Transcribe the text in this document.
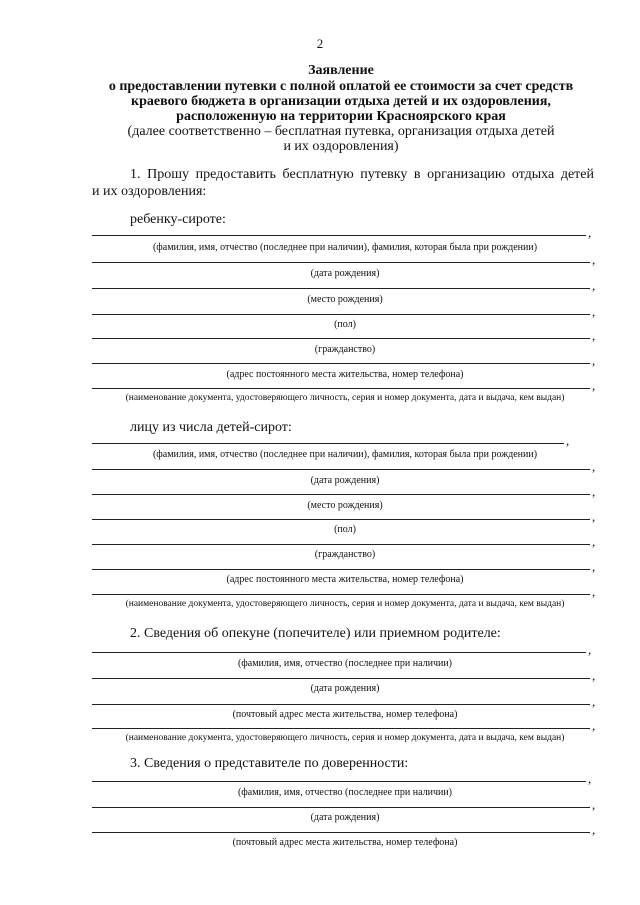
2
Заявление
о предоставлении путевки с полной оплатой ее стоимости за счет средств
краевого бюджета в организации отдыха детей и их оздоровления,
расположенную на территории Красноярского края
(далее соответственно – бесплатная путевка, организация отдыха детей
и их оздоровления)
1. Прошу предоставить бесплатную путевку в организацию отдыха детей
и их оздоровления:
ребенку-сироте:
,
(фамилия, имя, отчество (последнее при наличии), фамилия, которая была при рождении)
,
(дата рождения)
,
(место рождения)
,
(пол)
,
(гражданство)
,
(адрес постоянного места жительства, номер телефона)
,
(наименование документа, удостоверяющего личность, серия и номер документа, дата и выдача, кем выдан)
лицу из числа детей-сирот:
,
(фамилия, имя, отчество (последнее при наличии), фамилия, которая была при рождении)
,
(дата рождения)
,
(место рождения)
,
(пол)
,
(гражданство)
,
(адрес постоянного места жительства, номер телефона)
,
(наименование документа, удостоверяющего личность, серия и номер документа, дата и выдача, кем выдан)
2. Сведения об опекуне (попечителе) или приемном родителе:
,
(фамилия, имя, отчество (последнее при наличии)
,
(дата рождения)
,
(почтовый адрес места жительства, номер телефона)
,
(наименование документа, удостоверяющего личность, серия и номер документа, дата и выдача, кем выдан)
3. Сведения о представителе по доверенности:
,
(фамилия, имя, отчество (последнее при наличии)
,
(дата рождения)
,
(почтовый адрес места жительства, номер телефона)
